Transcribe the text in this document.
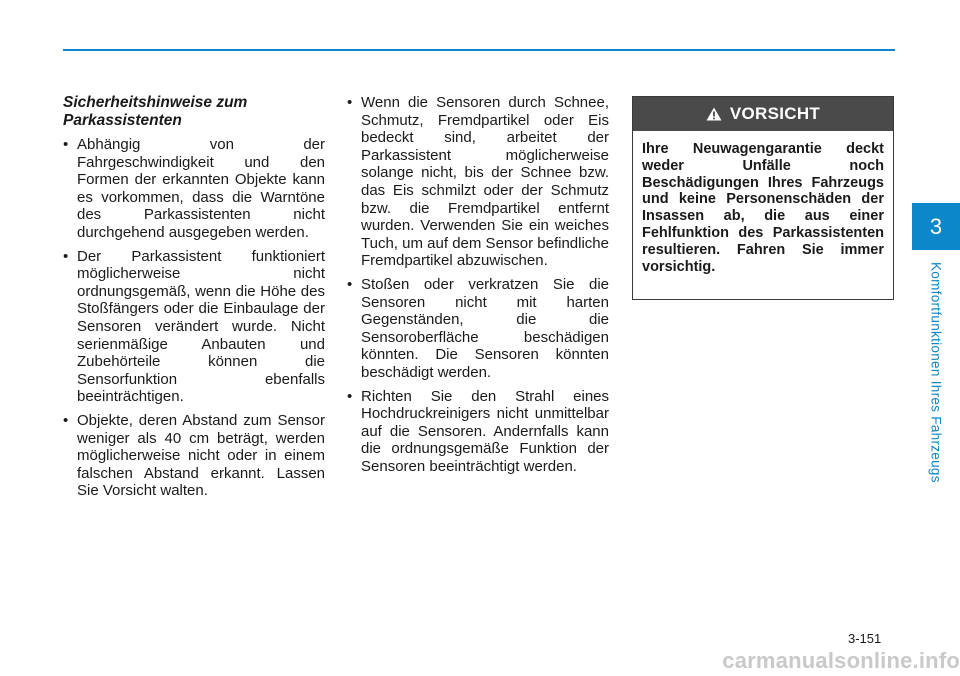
Sicherheitshinweise zum Parkassistenten
• Abhängig von der Fahrgeschwindigkeit und den Formen der erkannten Objekte kann es vorkommen, dass die Warntöne des Parkassistenten nicht durchgehend ausgegeben werden.
• Der Parkassistent funktioniert möglicherweise nicht ordnungsgemäß, wenn die Höhe des Stoßfängers oder die Einbaulage der Sensoren verändert wurde. Nicht serienmäßige Anbauten und Zubehörteile können die Sensorfunktion ebenfalls beeinträchtigen.
• Objekte, deren Abstand zum Sensor weniger als 40 cm beträgt, werden möglicherweise nicht oder in einem falschen Abstand erkannt. Lassen Sie Vorsicht walten.
• Wenn die Sensoren durch Schnee, Schmutz, Fremdpartikel oder Eis bedeckt sind, arbeitet der Parkassistent möglicherweise solange nicht, bis der Schnee bzw. das Eis schmilzt oder der Schmutz bzw. die Fremdpartikel entfernt wurden. Verwenden Sie ein weiches Tuch, um auf dem Sensor befindliche Fremdpartikel abzuwischen.
• Stoßen oder verkratzen Sie die Sensoren nicht mit harten Gegenständen, die die Sensoroberfläche beschädigen könnten. Die Sensoren könnten beschädigt werden.
• Richten Sie den Strahl eines Hochdruckreinigers nicht unmittelbar auf die Sensoren. Andernfalls kann die ordnungsgemäße Funktion der Sensoren beeinträchtigt werden.
VORSICHT
Ihre Neuwagengarantie deckt weder Unfälle noch Beschädigungen Ihres Fahrzeugs und keine Personenschäden der Insassen ab, die aus einer Fehlfunktion des Parkassistenten resultieren. Fahren Sie immer vorsichtig.
3
Komfortfunktionen Ihres Fahrzeugs
3-151
carmanualsonline.info
